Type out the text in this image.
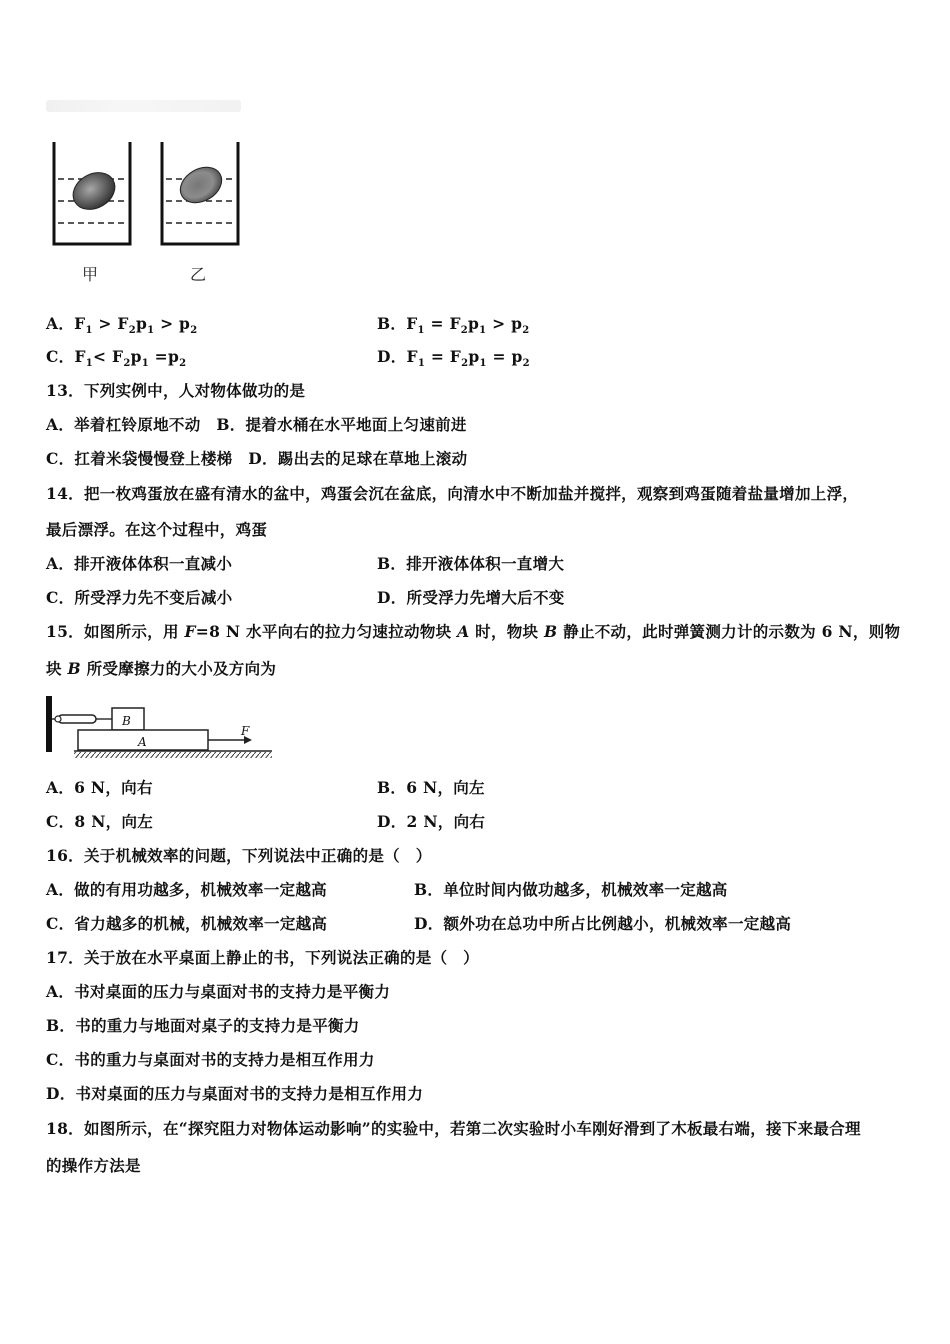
甲	乙
A．$F_1 > F_2p_1 > p_2$	B．$F_1 = F_2p_1 > p_2$
C．$F_1< F_2p_1 =p_2$	D．$F_1 = F_2p_1 = p_2$
13．下列实例中，人对物体做功的是
A．举着杠铃原地不动　B．提着水桶在水平地面上匀速前进
C．扛着米袋慢慢登上楼梯　D．踢出去的足球在草地上滚动
14．把一枚鸡蛋放在盛有清水的盆中，鸡蛋会沉在盆底，向清水中不断加盐并搅拌，观察到鸡蛋随着盐量增加上浮，
最后漂浮。在这个过程中，鸡蛋
A．排开液体体积一直减小	B．排开液体体积一直增大
C．所受浮力先不变后减小	D．所受浮力先增大后不变
15．如图所示，用 F=8 N 水平向右的拉力匀速拉动物块 A 时，物块 B 静止不动，此时弹簧测力计的示数为 6 N，则物
块 B 所受摩擦力的大小及方向为
B
A
F
A．6 N，向右	B．6 N，向左
C．8 N，向左	D．2 N，向右
16．关于机械效率的问题，下列说法中正确的是（　）
A．做的有用功越多，机械效率一定越高	B．单位时间内做功越多，机械效率一定越高
C．省力越多的机械，机械效率一定越高	D．额外功在总功中所占比例越小，机械效率一定越高
17．关于放在水平桌面上静止的书，下列说法正确的是（　）
A．书对桌面的压力与桌面对书的支持力是平衡力
B．书的重力与地面对桌子的支持力是平衡力
C．书的重力与桌面对书的支持力是相互作用力
D．书对桌面的压力与桌面对书的支持力是相互作用力
18．如图所示，在“探究阻力对物体运动影响”的实验中，若第二次实验时小车刚好滑到了木板最右端，接下来最合理
的操作方法是
